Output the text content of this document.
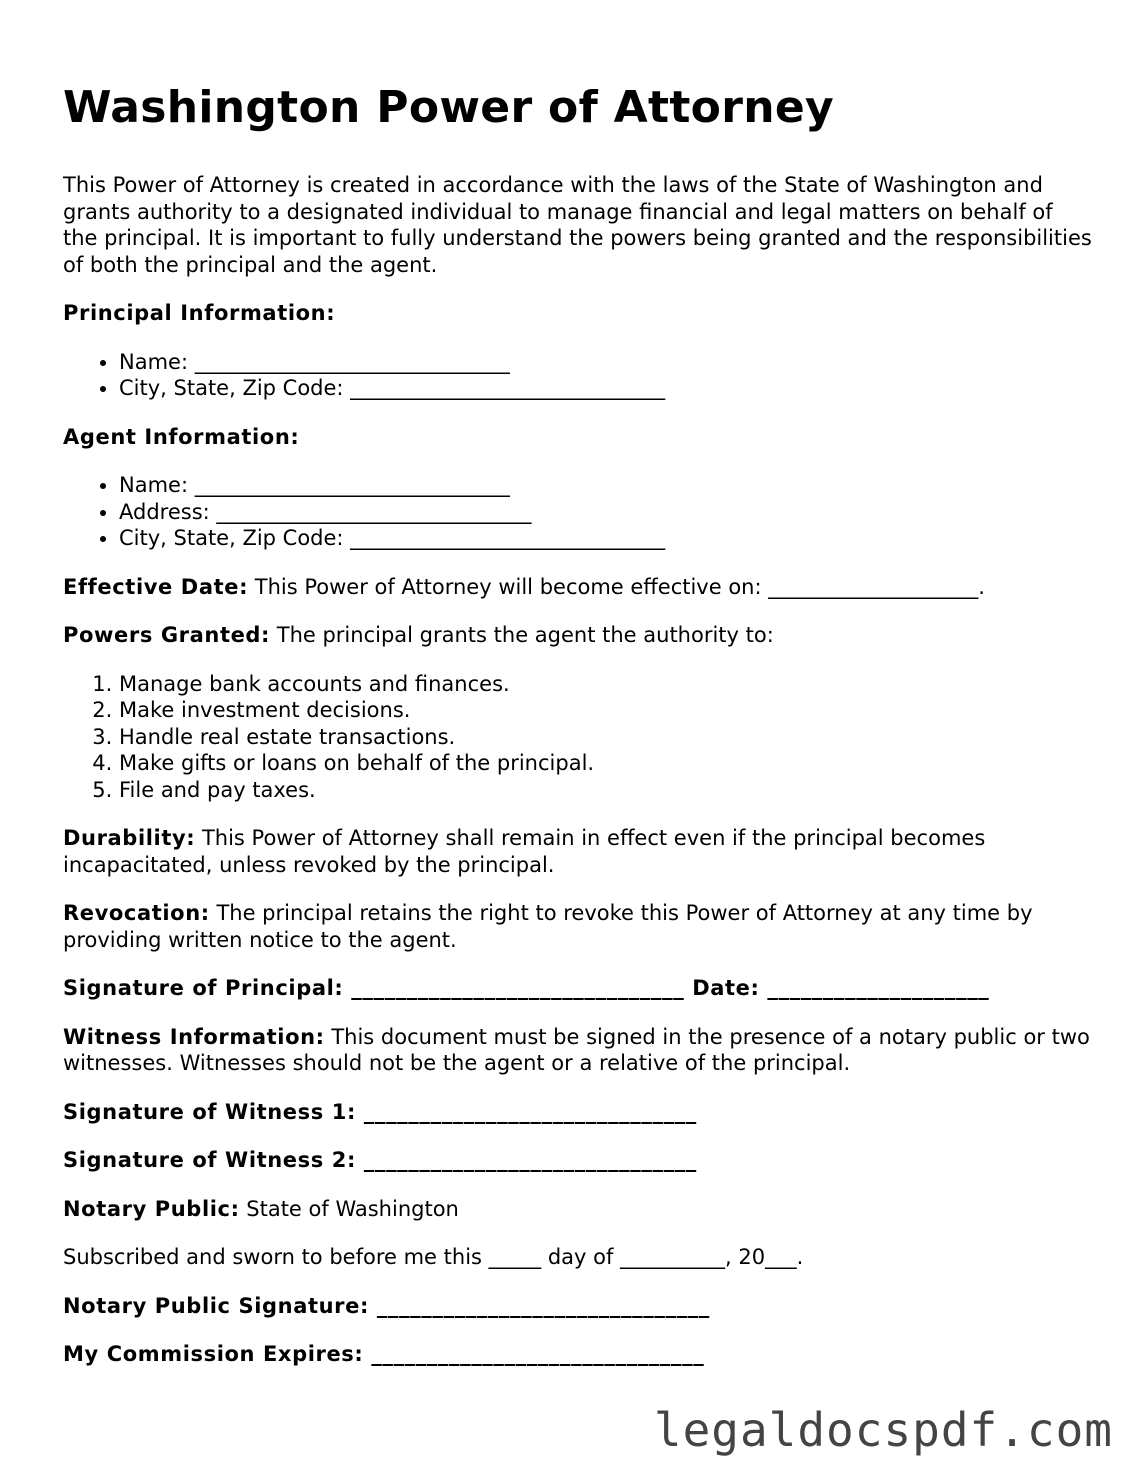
Washington Power of Attorney

This Power of Attorney is created in accordance with the laws of the State of Washington and grants authority to a designated individual to manage financial and legal matters on behalf of the principal. It is important to fully understand the powers being granted and the responsibilities of both the principal and the agent.

Principal Information:

• Name: ______________________________
• City, State, Zip Code: ______________________________

Agent Information:

• Name: ______________________________
• Address: ______________________________
• City, State, Zip Code: ______________________________

Effective Date: This Power of Attorney will become effective on: ____________________.

Powers Granted: The principal grants the agent the authority to:

1. Manage bank accounts and finances.
2. Make investment decisions.
3. Handle real estate transactions.
4. Make gifts or loans on behalf of the principal.
5. File and pay taxes.

Durability: This Power of Attorney shall remain in effect even if the principal becomes incapacitated, unless revoked by the principal.

Revocation: The principal retains the right to revoke this Power of Attorney at any time by providing written notice to the agent.

Signature of Principal: ______________________________ Date: ____________________

Witness Information: This document must be signed in the presence of a notary public or two witnesses. Witnesses should not be the agent or a relative of the principal.

Signature of Witness 1: ______________________________

Signature of Witness 2: ______________________________

Notary Public: State of Washington

Subscribed and sworn to before me this _____ day of __________, 20___.

Notary Public Signature: ______________________________

My Commission Expires: ______________________________

legaldocspdf.com
